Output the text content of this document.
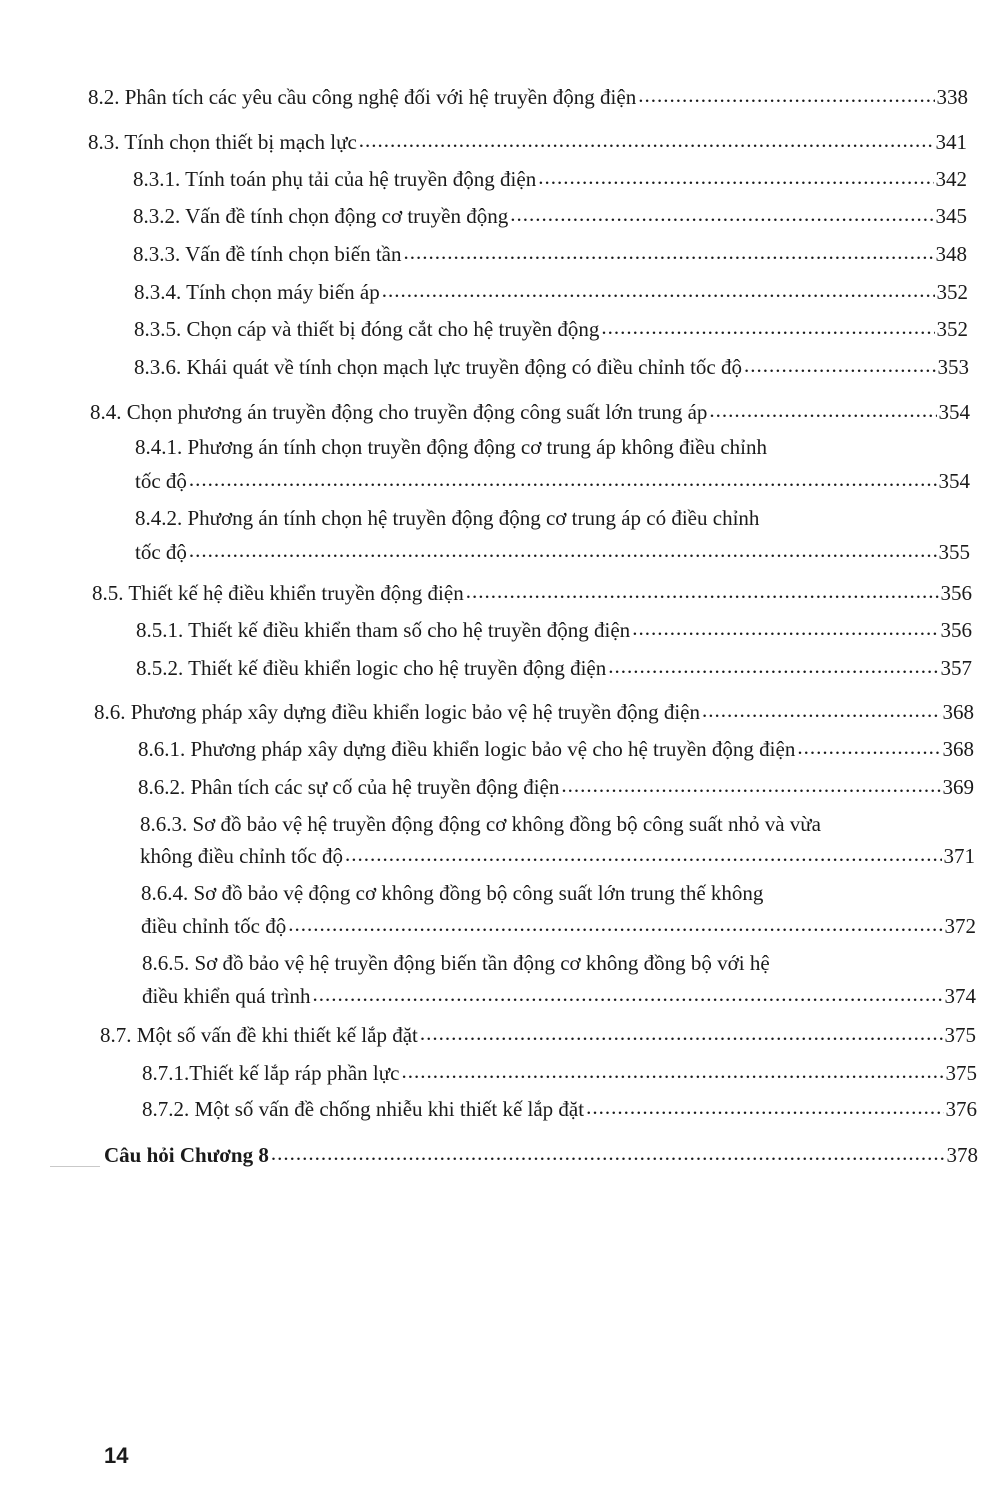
8.2. Phân tích các yêu cầu công nghệ đối với hệ truyền động điện .....	338
8.3. Tính chọn thiết bị mạch lực .....	341
8.3.1. Tính toán phụ tải của hệ truyền động điện .....	342
8.3.2. Vấn đề tính chọn động cơ truyền động .....	345
8.3.3. Vấn đề tính chọn biến tần .....	348
8.3.4. Tính chọn máy biến áp .....	352
8.3.5. Chọn cáp và thiết bị đóng cắt cho hệ truyền động .....	352
8.3.6. Khái quát về tính chọn mạch lực truyền động có điều chỉnh tốc độ .....	353
8.4. Chọn phương án truyền động cho truyền động công suất lớn trung áp .....	354
8.4.1. Phương án tính chọn truyền động động cơ trung áp không điều chỉnh
tốc độ .....	354
8.4.2. Phương án tính chọn hệ truyền động động cơ trung áp có điều chỉnh
tốc độ .....	355
8.5. Thiết kế hệ điều khiển truyền động điện .....	356
8.5.1. Thiết kế điều khiển tham số cho hệ truyền động điện .....	356
8.5.2. Thiết kế điều khiển logic cho hệ truyền động điện .....	357
8.6. Phương pháp xây dựng điều khiển logic bảo vệ hệ truyền động điện .....	368
8.6.1. Phương pháp xây dựng điều khiển logic bảo vệ cho hệ truyền động điện .....	368
8.6.2. Phân tích các sự cố của hệ truyền động điện .....	369
8.6.3. Sơ đồ bảo vệ hệ truyền động động cơ không đồng bộ công suất nhỏ và vừa
không điều chỉnh tốc độ .....	371
8.6.4. Sơ đồ bảo vệ động cơ không đồng bộ công suất lớn trung thế không
điều chỉnh tốc độ .....	372
8.6.5. Sơ đồ bảo vệ hệ truyền động biến tần động cơ không đồng bộ với hệ
điều khiển quá trình .....	374
8.7. Một số vấn đề khi thiết kế lắp đặt .....	375
8.7.1.Thiết kế lắp ráp phần lực .....	375
8.7.2. Một số vấn đề chống nhiễu khi thiết kế lắp đặt .....	376
Câu hỏi Chương 8 .....	378
14
